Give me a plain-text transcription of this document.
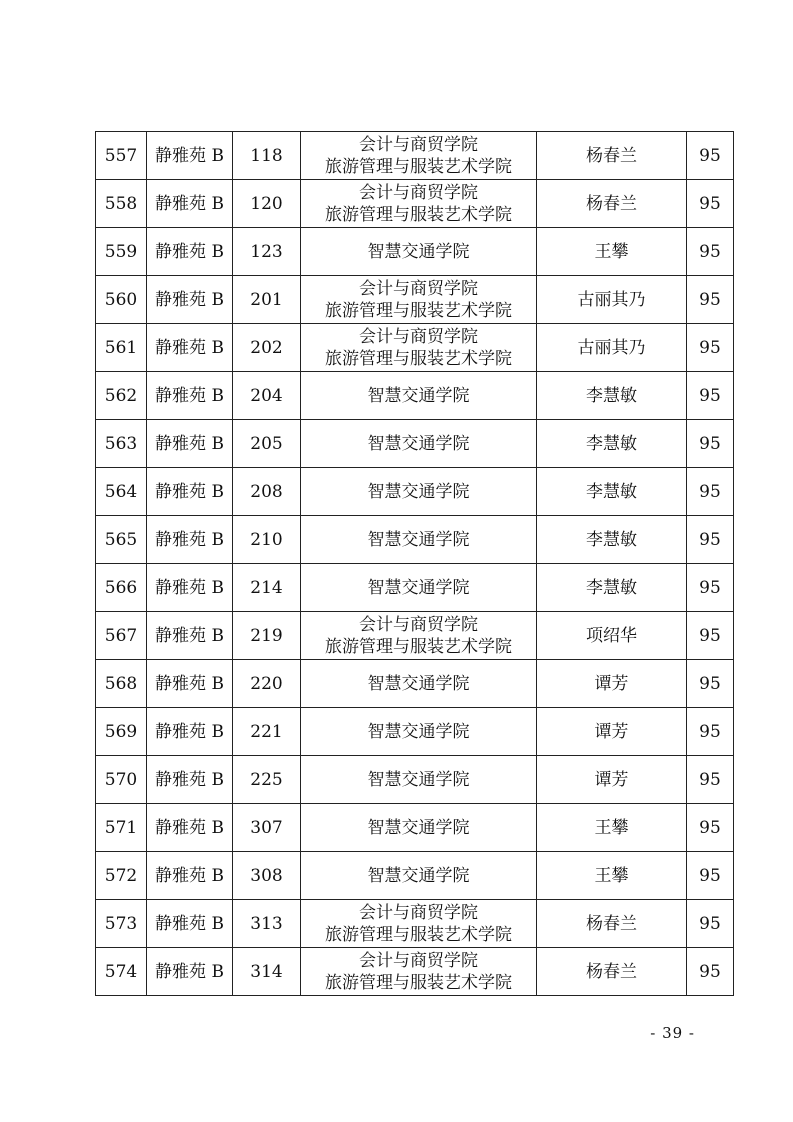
557	静雅苑 B	118	会计与商贸学院
旅游管理与服装艺术学院	杨春兰	95
558	静雅苑 B	120	会计与商贸学院
旅游管理与服装艺术学院	杨春兰	95
559	静雅苑 B	123	智慧交通学院	王攀	95
560	静雅苑 B	201	会计与商贸学院
旅游管理与服装艺术学院	古丽其乃	95
561	静雅苑 B	202	会计与商贸学院
旅游管理与服装艺术学院	古丽其乃	95
562	静雅苑 B	204	智慧交通学院	李慧敏	95
563	静雅苑 B	205	智慧交通学院	李慧敏	95
564	静雅苑 B	208	智慧交通学院	李慧敏	95
565	静雅苑 B	210	智慧交通学院	李慧敏	95
566	静雅苑 B	214	智慧交通学院	李慧敏	95
567	静雅苑 B	219	会计与商贸学院
旅游管理与服装艺术学院	项绍华	95
568	静雅苑 B	220	智慧交通学院	谭芳	95
569	静雅苑 B	221	智慧交通学院	谭芳	95
570	静雅苑 B	225	智慧交通学院	谭芳	95
571	静雅苑 B	307	智慧交通学院	王攀	95
572	静雅苑 B	308	智慧交通学院	王攀	95
573	静雅苑 B	313	会计与商贸学院
旅游管理与服装艺术学院	杨春兰	95
574	静雅苑 B	314	会计与商贸学院
旅游管理与服装艺术学院	杨春兰	95
- 39 -
